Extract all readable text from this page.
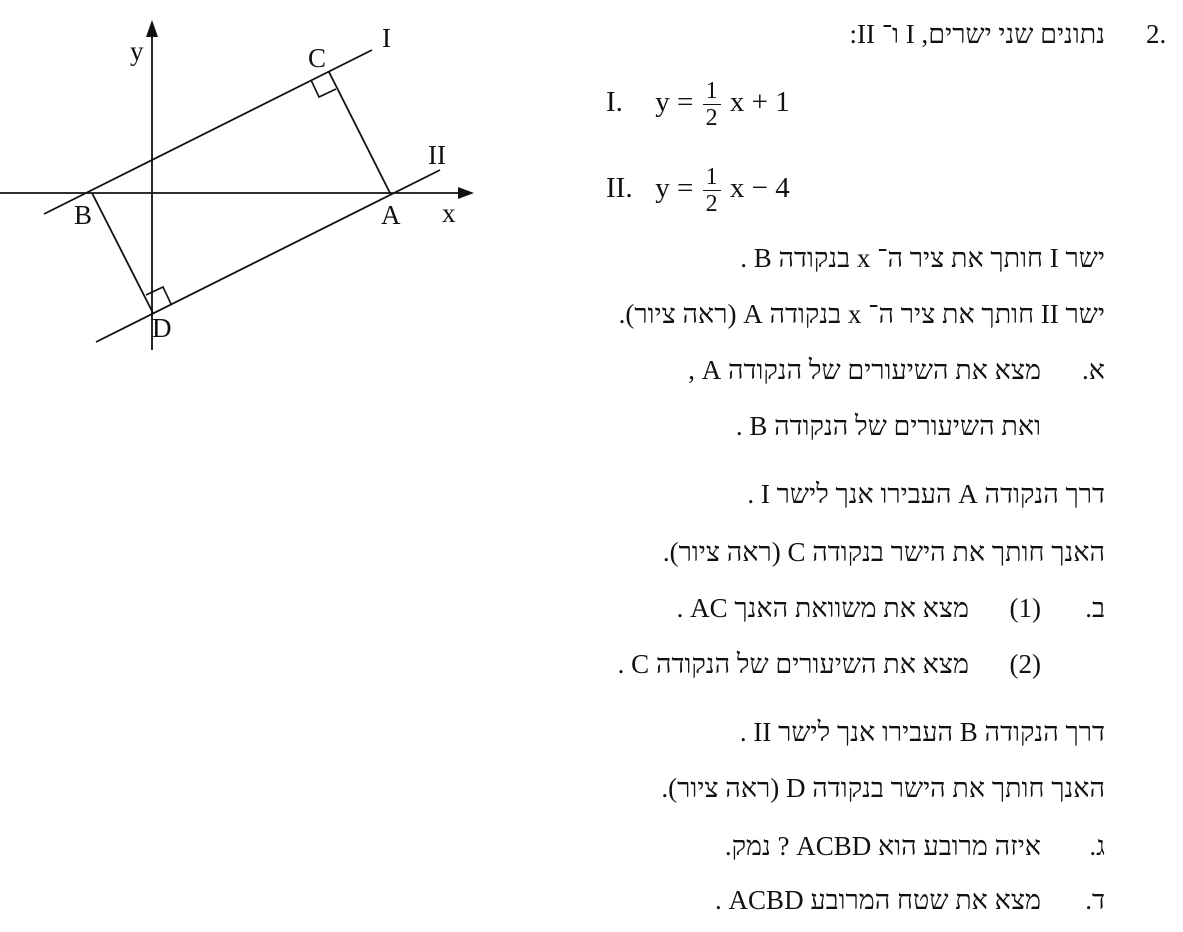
y
x
I
II
C
A
B
D
2.
נתונים שני ישרים, I ו־ II:
I. $y = \frac{1}{2}$ x + 1
II. $y = \frac{1}{2}$ x − 4
ישר I חותך את ציר ה־ x בנקודה B .
ישר II חותך את ציר ה־ x בנקודה A (ראה ציור).
א.
מצא את השיעורים של הנקודה A ,
ואת השיעורים של הנקודה B .
דרך הנקודה A העבירו אנך לישר I .
האנך חותך את הישר בנקודה C (ראה ציור).
ב.
(1)
מצא את משוואת האנך AC .
(2)
מצא את השיעורים של הנקודה C .
דרך הנקודה B העבירו אנך לישר II .
האנך חותך את הישר בנקודה D (ראה ציור).
ג.
איזה מרובע הוא ACBD ? נמק.
ד.
מצא את שטח המרובע ACBD .
